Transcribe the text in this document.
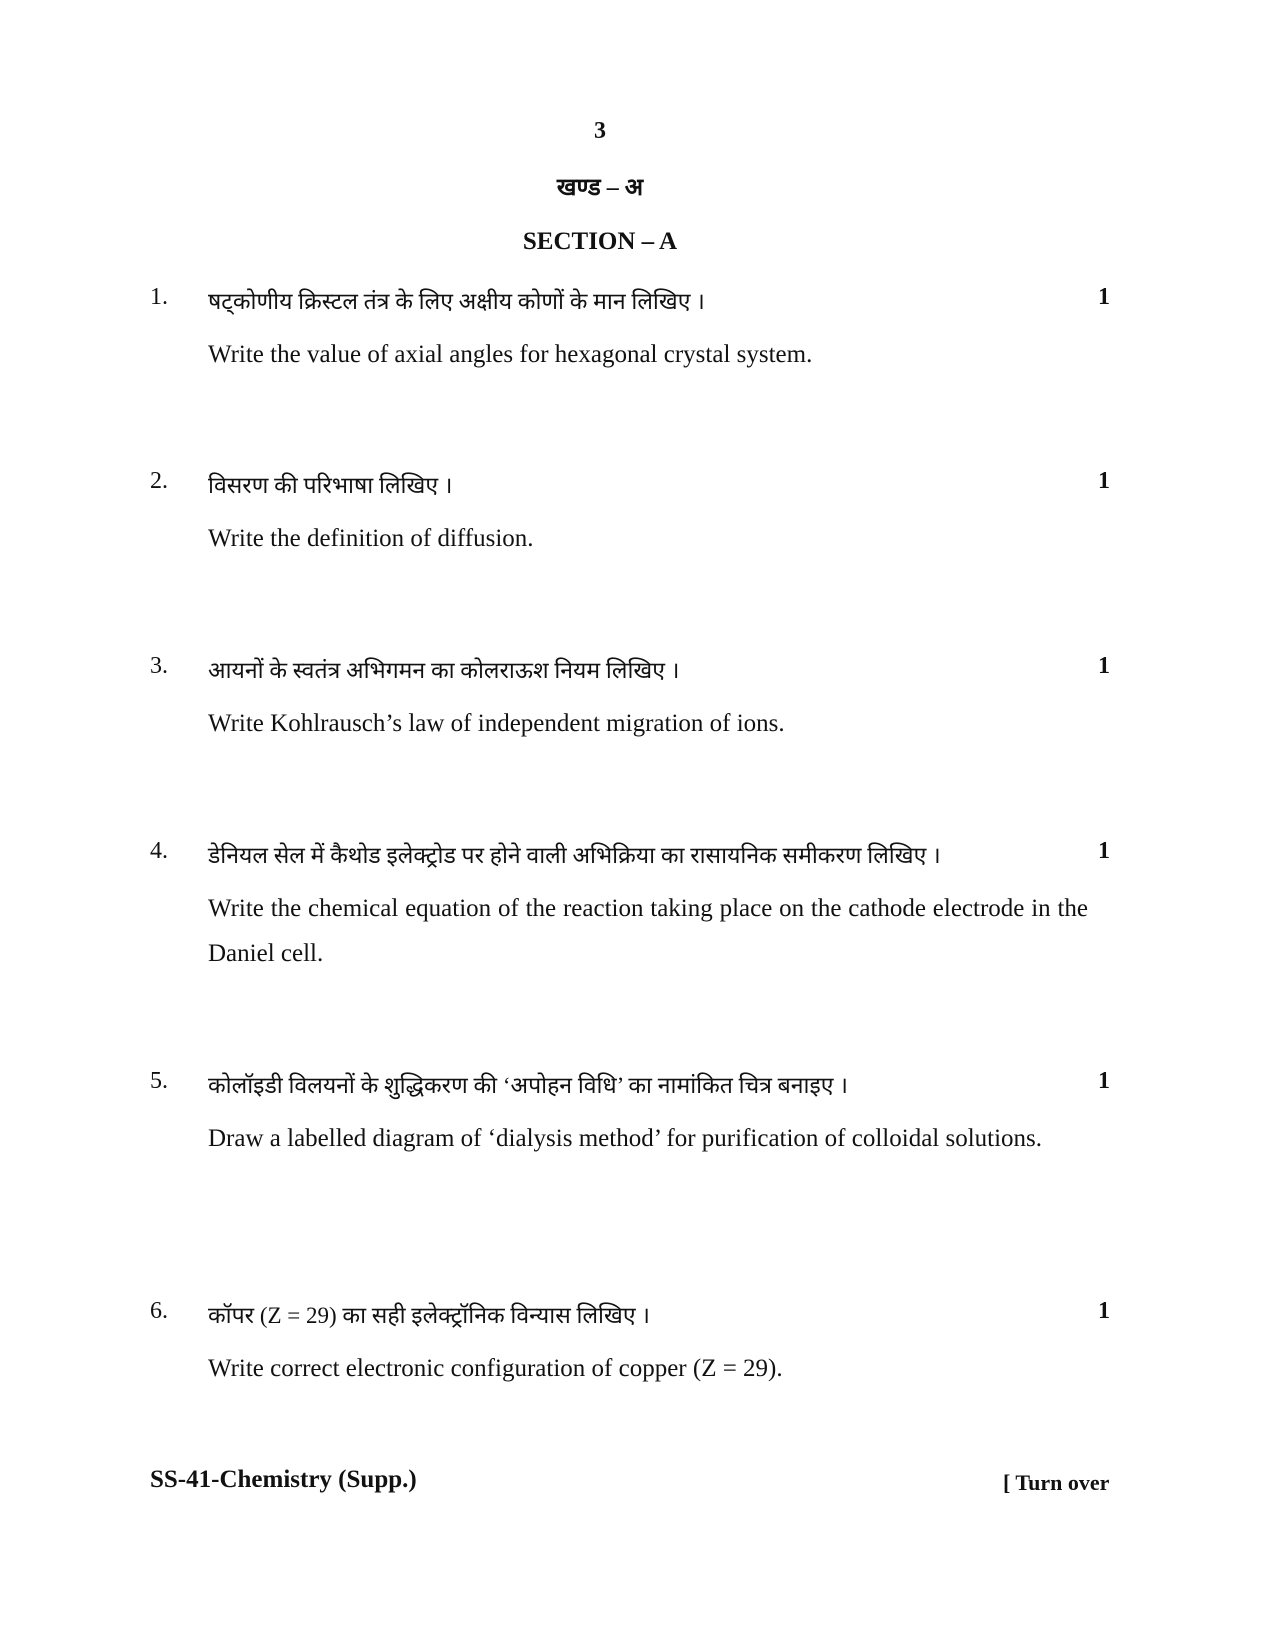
3
खण्ड – अ
SECTION – A
1. षट्कोणीय क्रिस्टल तंत्र के लिए अक्षीय कोणों के मान लिखिए ।	1
Write the value of axial angles for hexagonal crystal system.
2. विसरण की परिभाषा लिखिए ।	1
Write the definition of diffusion.
3. आयनों के स्वतंत्र अभिगमन का कोलराऊश नियम लिखिए ।	1
Write Kohlrausch’s law of independent migration of ions.
4. डेनियल सेल में कैथोड इलेक्ट्रोड पर होने वाली अभिक्रिया का रासायनिक समीकरण लिखिए ।	1
Write the chemical equation of the reaction taking place on the cathode electrode in the Daniel cell.
5. कोलॉइडी विलयनों के शुद्धिकरण की ‘अपोहन विधि’ का नामांकित चित्र बनाइए ।	1
Draw a labelled diagram of ‘dialysis method’ for purification of colloidal solutions.
6. कॉपर (Z = 29) का सही इलेक्ट्रॉनिक विन्यास लिखिए ।	1
Write correct electronic configuration of copper (Z = 29).
SS-41-Chemistry (Supp.)	[ Turn over
